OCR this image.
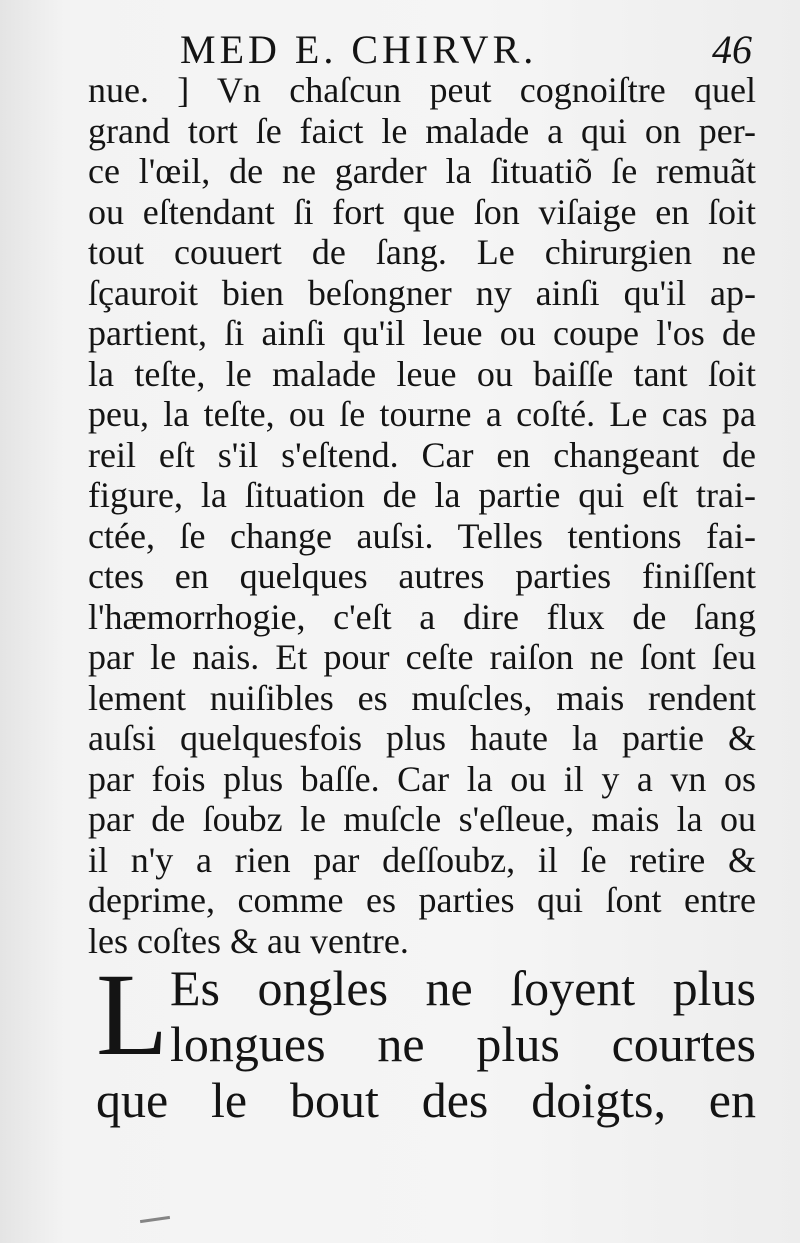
MED E. CHIRVR.	46
nue. ] Vn chaſcun peut cognoiſtre quel
grand tort ſe faict le malade a qui on per-
ce l'œil, de ne garder la ſituatiõ ſe remuãt
ou eſtendant ſi fort que ſon viſaige en ſoit
tout couuert de ſang. Le chirurgien ne
ſçauroit bien beſongner ny ainſi qu'il ap-
partient, ſi ainſi qu'il leue ou coupe l'os de
la teſte, le malade leue ou baiſſe tant ſoit
peu, la teſte, ou ſe tourne a coſté. Le cas pa
reil eſt s'il s'eſtend. Car en changeant de
figure, la ſituation de la partie qui eſt trai-
ctée, ſe change auſsi. Telles tentions fai-
ctes en quelques autres parties finiſſent
l'hæmorrhogie, c'eſt a dire flux de ſang
par le nais. Et pour ceſte raiſon ne ſont ſeu
lement nuiſibles es muſcles, mais rendent
auſsi quelquesfois plus haute la partie &
par fois plus baſſe. Car la ou il y a vn os
par de ſoubz le muſcle s'eſleue, mais la ou
il n'y a rien par deſſoubz, il ſe retire &
deprime, comme es parties qui ſont entre
les coſtes & au ventre.
L Es ongles ne ſoyent plus
longues ne plus courtes
que le bout des doigts, en
